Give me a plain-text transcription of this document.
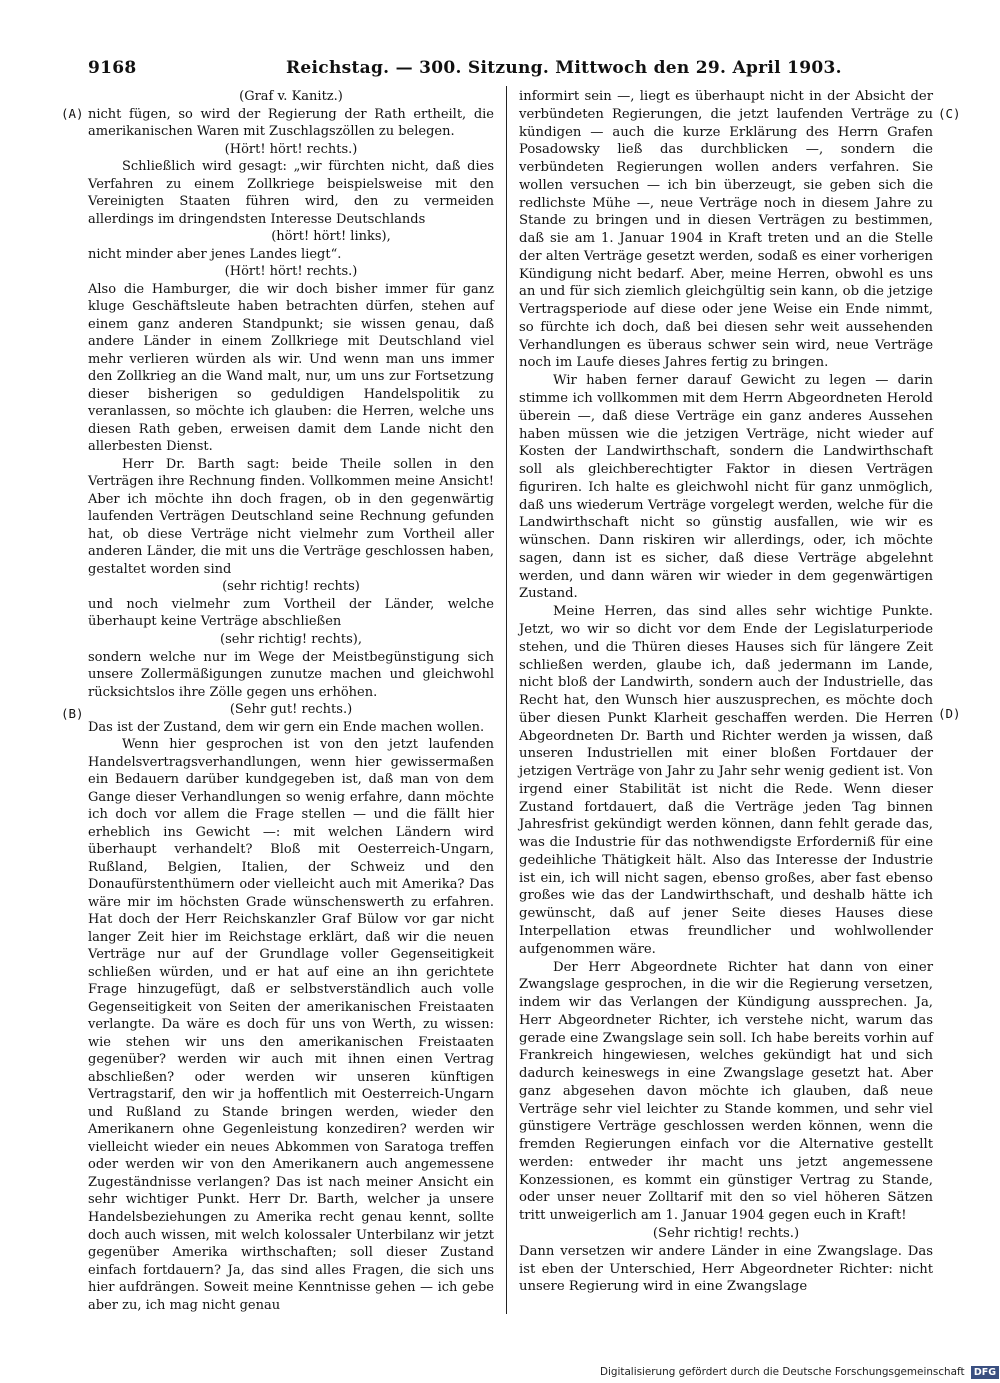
9168	Reichstag. — 300. Sitzung. Mittwoch den 29. April 1903.
(A)
(B)
(C)
(D)

(Graf v. Kanitz.)

nicht fügen, so wird der Regierung der Rath ertheilt, die amerikanischen Waren mit Zuschlagszöllen zu belegen.

(Hört! hört! rechts.)

Schließlich wird gesagt: „wir fürchten nicht, daß dies Verfahren zu einem Zollkriege beispielsweise mit den Vereinigten Staaten führen wird, den zu vermeiden allerdings im dringendsten Interesse Deutschlands

(hört! hört! links),

nicht minder aber jenes Landes liegt“.

(Hört! hört! rechts.)

Also die Hamburger, die wir doch bisher immer für ganz kluge Geschäftsleute haben betrachten dürfen, stehen auf einem ganz anderen Standpunkt; sie wissen genau, daß andere Länder in einem Zollkriege mit Deutschland viel mehr verlieren würden als wir. Und wenn man uns immer den Zollkrieg an die Wand malt, nur, um uns zur Fortsetzung dieser bisherigen so geduldigen Handelspolitik zu veranlassen, so möchte ich glauben: die Herren, welche uns diesen Rath geben, erweisen damit dem Lande nicht den allerbesten Dienst.

Herr Dr. Barth sagt: beide Theile sollen in den Verträgen ihre Rechnung finden. Vollkommen meine Ansicht! Aber ich möchte ihn doch fragen, ob in den gegenwärtig laufenden Verträgen Deutschland seine Rechnung gefunden hat, ob diese Verträge nicht vielmehr zum Vortheil aller anderen Länder, die mit uns die Verträge geschlossen haben, gestaltet worden sind

(sehr richtig! rechts)

und noch vielmehr zum Vortheil der Länder, welche überhaupt keine Verträge abschließen

(sehr richtig! rechts),

sondern welche nur im Wege der Meistbegünstigung sich unsere Zollermäßigungen zunutze machen und gleichwohl rücksichtslos ihre Zölle gegen uns erhöhen.

(Sehr gut! rechts.)

Das ist der Zustand, dem wir gern ein Ende machen wollen.

Wenn hier gesprochen ist von den jetzt laufenden Handelsvertragsverhandlungen, wenn hier gewissermaßen ein Bedauern darüber kundgegeben ist, daß man von dem Gange dieser Verhandlungen so wenig erfahre, dann möchte ich doch vor allem die Frage stellen — und die fällt hier erheblich ins Gewicht —: mit welchen Ländern wird überhaupt verhandelt? Bloß mit Oesterreich-Ungarn, Rußland, Belgien, Italien, der Schweiz und den Donaufürstenthümern oder vielleicht auch mit Amerika? Das wäre mir im höchsten Grade wünschenswerth zu erfahren. Hat doch der Herr Reichskanzler Graf Bülow vor gar nicht langer Zeit hier im Reichstage erklärt, daß wir die neuen Verträge nur auf der Grundlage voller Gegenseitigkeit schließen würden, und er hat auf eine an ihn gerichtete Frage hinzugefügt, daß er selbstverständlich auch volle Gegenseitigkeit von Seiten der amerikanischen Freistaaten verlangte. Da wäre es doch für uns von Werth, zu wissen: wie stehen wir uns den amerikanischen Freistaaten gegenüber? werden wir auch mit ihnen einen Vertrag abschließen? oder werden wir unseren künftigen Vertragstarif, den wir ja hoffentlich mit Oesterreich-Ungarn und Rußland zu Stande bringen werden, wieder den Amerikanern ohne Gegenleistung konzediren? werden wir vielleicht wieder ein neues Abkommen von Saratoga treffen oder werden wir von den Amerikanern auch angemessene Zugeständnisse verlangen? Das ist nach meiner Ansicht ein sehr wichtiger Punkt. Herr Dr. Barth, welcher ja unsere Handelsbeziehungen zu Amerika recht genau kennt, sollte doch auch wissen, mit welch kolossaler Unterbilanz wir jetzt gegenüber Amerika wirthschaften; soll dieser Zustand einfach fortdauern? Ja, das sind alles Fragen, die sich uns hier aufdrängen. Soweit meine Kenntnisse gehen — ich gebe aber zu, ich mag nicht genau

informirt sein —, liegt es überhaupt nicht in der Absicht der verbündeten Regierungen, die jetzt laufenden Verträge zu kündigen — auch die kurze Erklärung des Herrn Grafen Posadowsky ließ das durchblicken —, sondern die verbündeten Regierungen wollen anders verfahren. Sie wollen versuchen — ich bin überzeugt, sie geben sich die redlichste Mühe —, neue Verträge noch in diesem Jahre zu Stande zu bringen und in diesen Verträgen zu bestimmen, daß sie am 1. Januar 1904 in Kraft treten und an die Stelle der alten Verträge gesetzt werden, sodaß es einer vorherigen Kündigung nicht bedarf. Aber, meine Herren, obwohl es uns an und für sich ziemlich gleichgültig sein kann, ob die jetzige Vertragsperiode auf diese oder jene Weise ein Ende nimmt, so fürchte ich doch, daß bei diesen sehr weit aussehenden Verhandlungen es überaus schwer sein wird, neue Verträge noch im Laufe dieses Jahres fertig zu bringen.

Wir haben ferner darauf Gewicht zu legen — darin stimme ich vollkommen mit dem Herrn Abgeordneten Herold überein —, daß diese Verträge ein ganz anderes Aussehen haben müssen wie die jetzigen Verträge, nicht wieder auf Kosten der Landwirthschaft, sondern die Landwirthschaft soll als gleichberechtigter Faktor in diesen Verträgen figuriren. Ich halte es gleichwohl nicht für ganz unmöglich, daß uns wiederum Verträge vorgelegt werden, welche für die Landwirthschaft nicht so günstig ausfallen, wie wir es wünschen. Dann riskiren wir allerdings, oder, ich möchte sagen, dann ist es sicher, daß diese Verträge abgelehnt werden, und dann wären wir wieder in dem gegenwärtigen Zustand.

Meine Herren, das sind alles sehr wichtige Punkte. Jetzt, wo wir so dicht vor dem Ende der Legislaturperiode stehen, und die Thüren dieses Hauses sich für längere Zeit schließen werden, glaube ich, daß jedermann im Lande, nicht bloß der Landwirth, sondern auch der Industrielle, das Recht hat, den Wunsch hier auszusprechen, es möchte doch über diesen Punkt Klarheit geschaffen werden. Die Herren Abgeordneten Dr. Barth und Richter werden ja wissen, daß unseren Industriellen mit einer bloßen Fortdauer der jetzigen Verträge von Jahr zu Jahr sehr wenig gedient ist. Von irgend einer Stabilität ist nicht die Rede. Wenn dieser Zustand fortdauert, daß die Verträge jeden Tag binnen Jahresfrist gekündigt werden können, dann fehlt gerade das, was die Industrie für das nothwendigste Erforderniß für eine gedeihliche Thätigkeit hält. Also das Interesse der Industrie ist ein, ich will nicht sagen, ebenso großes, aber fast ebenso großes wie das der Landwirthschaft, und deshalb hätte ich gewünscht, daß auf jener Seite dieses Hauses diese Interpellation etwas freundlicher und wohlwollender aufgenommen wäre.

Der Herr Abgeordnete Richter hat dann von einer Zwangslage gesprochen, in die wir die Regierung versetzen, indem wir das Verlangen der Kündigung aussprechen. Ja, Herr Abgeordneter Richter, ich verstehe nicht, warum das gerade eine Zwangslage sein soll. Ich habe bereits vorhin auf Frankreich hingewiesen, welches gekündigt hat und sich dadurch keineswegs in eine Zwangslage gesetzt hat. Aber ganz abgesehen davon möchte ich glauben, daß neue Verträge sehr viel leichter zu Stande kommen, und sehr viel günstigere Verträge geschlossen werden können, wenn die fremden Regierungen einfach vor die Alternative gestellt werden: entweder ihr macht uns jetzt angemessene Konzessionen, es kommt ein günstiger Vertrag zu Stande, oder unser neuer Zolltarif mit den so viel höheren Sätzen tritt unweigerlich am 1. Januar 1904 gegen euch in Kraft!

(Sehr richtig! rechts.)

Dann versetzen wir andere Länder in eine Zwangslage. Das ist eben der Unterschied, Herr Abgeordneter Richter: nicht unsere Regierung wird in eine Zwangslage

Digitalisierung gefördert durch die Deutsche Forschungsgemeinschaft DFG
